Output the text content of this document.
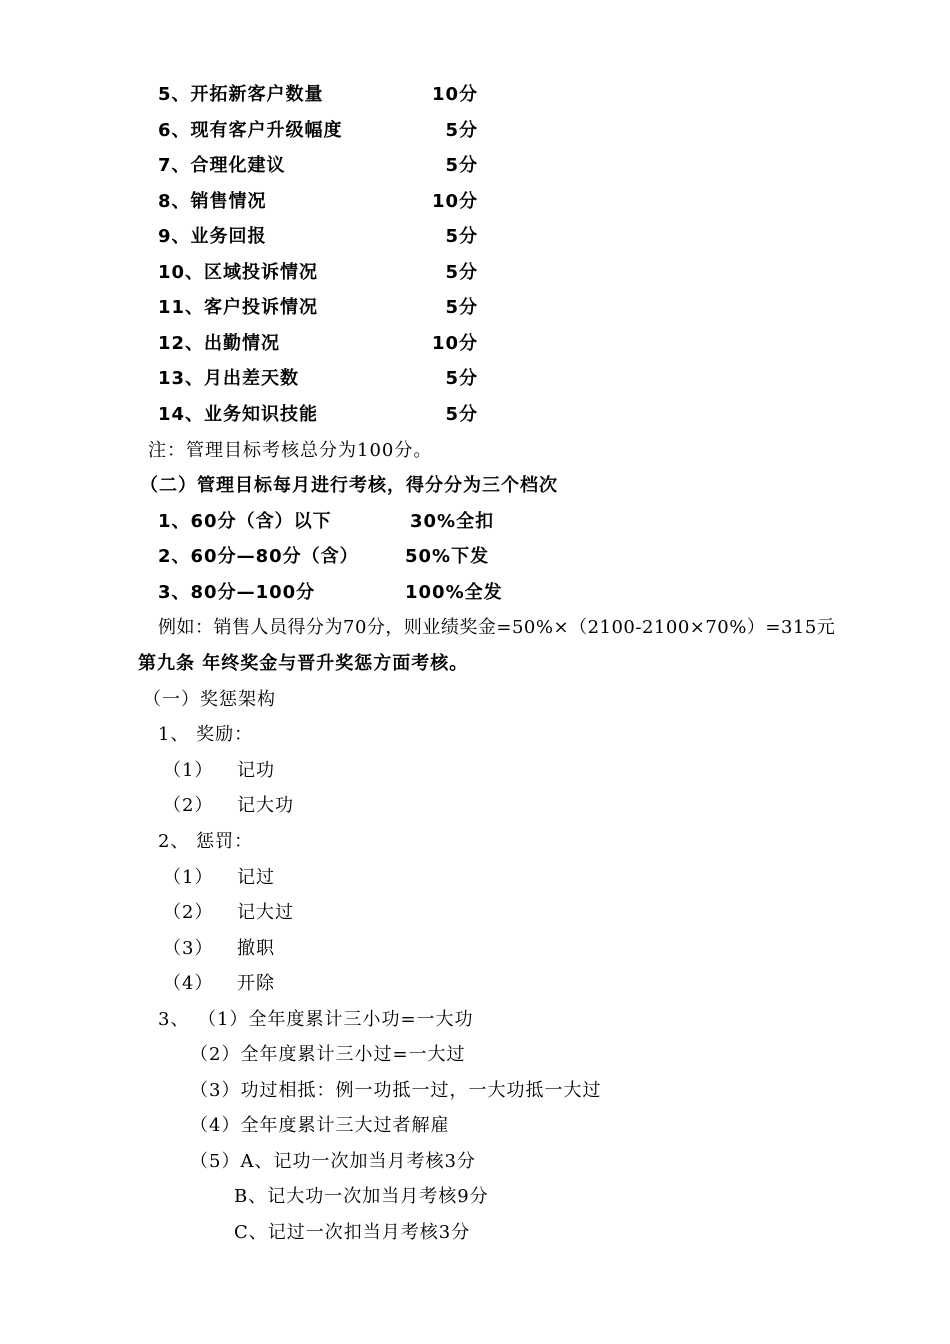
5、开拓新客户数量	10分
6、现有客户升级幅度	5分
7、合理化建议	5分
8、销售情况	10分
9、业务回报	5分
10、区域投诉情况	5分
11、客户投诉情况	5分
12、出勤情况	10分
13、月出差天数	5分
14、业务知识技能	5分
注：管理目标考核总分为100分。
（二）管理目标每月进行考核，得分分为三个档次
1、60分（含）以下	30%全扣
2、60分—80分（含）	50%下发
3、80分—100分	100%全发
例如：销售人员得分为70分，则业绩奖金=50%×（2100-2100×70%）=315元
第九条 年终奖金与晋升奖惩方面考核。
（一）奖惩架构
1、 奖励：
（1） 记功
（2） 记大功
2、 惩罚：
（1） 记过
（2） 记大过
（3） 撤职
（4） 开除
3、 （1）全年度累计三小功=一大功
（2）全年度累计三小过=一大过
（3）功过相抵：例一功抵一过，一大功抵一大过
（4）全年度累计三大过者解雇
（5）A、记功一次加当月考核3分
B、记大功一次加当月考核9分
C、记过一次扣当月考核3分
